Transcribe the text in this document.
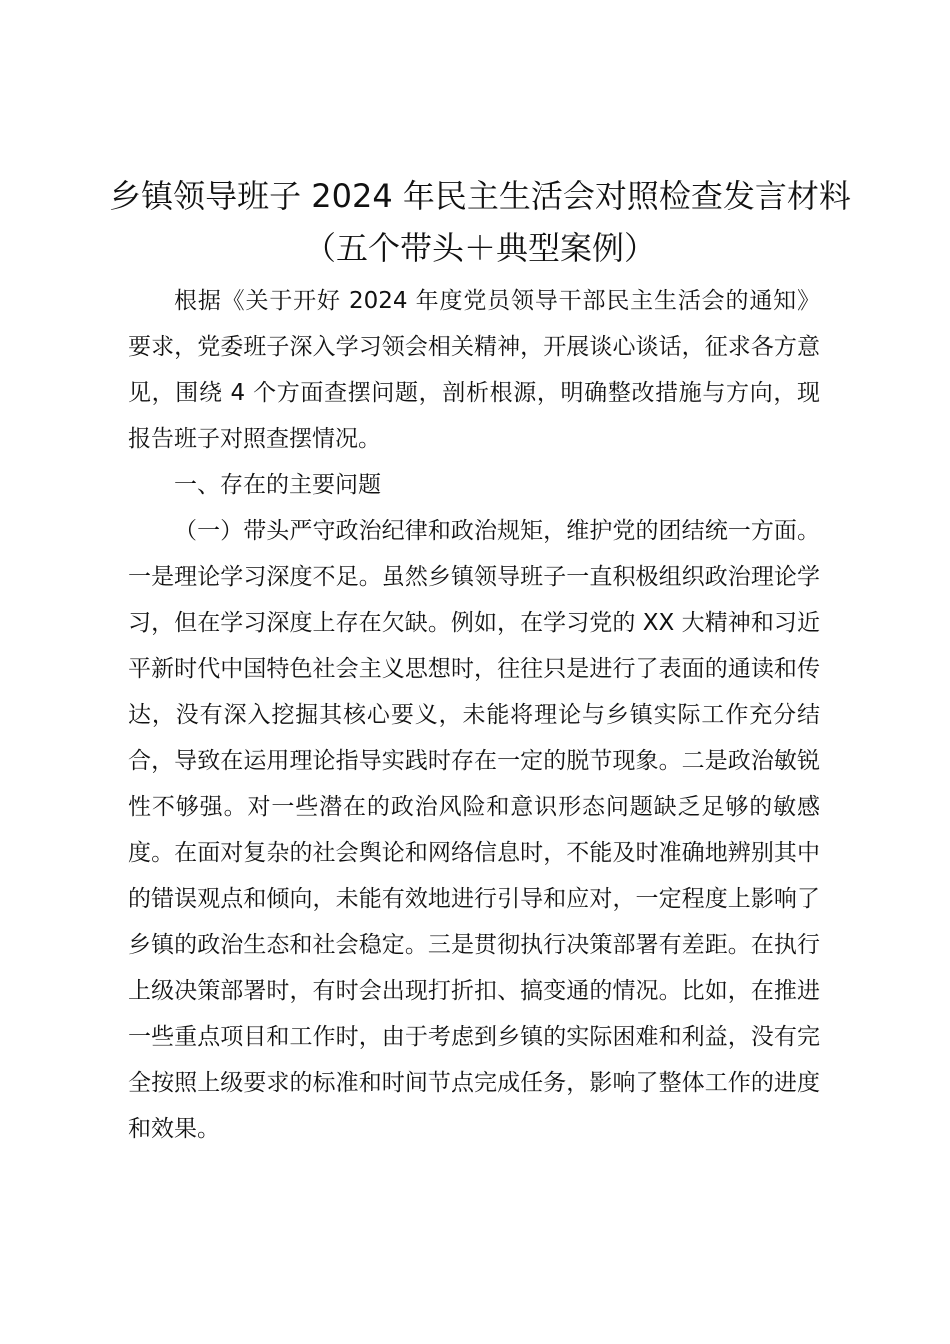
乡镇领导班子 2024 年民主生活会对照检查发言材料（五个带头＋典型案例）

根据《关于开好 2024 年度党员领导干部民主生活会的通知》要求，党委班子深入学习领会相关精神，开展谈心谈话，征求各方意见，围绕 4 个方面查摆问题，剖析根源，明确整改措施与方向，现报告班子对照查摆情况。

一、存在的主要问题

（一）带头严守政治纪律和政治规矩，维护党的团结统一方面。一是理论学习深度不足。虽然乡镇领导班子一直积极组织政治理论学习，但在学习深度上存在欠缺。例如，在学习党的 XX 大精神和习近平新时代中国特色社会主义思想时，往往只是进行了表面的通读和传达，没有深入挖掘其核心要义，未能将理论与乡镇实际工作充分结合，导致在运用理论指导实践时存在一定的脱节现象。二是政治敏锐性不够强。对一些潜在的政治风险和意识形态问题缺乏足够的敏感度。在面对复杂的社会舆论和网络信息时，不能及时准确地辨别其中的错误观点和倾向，未能有效地进行引导和应对，一定程度上影响了乡镇的政治生态和社会稳定。三是贯彻执行决策部署有差距。在执行上级决策部署时，有时会出现打折扣、搞变通的情况。比如，在推进一些重点项目和工作时，由于考虑到乡镇的实际困难和利益，没有完全按照上级要求的标准和时间节点完成任务，影响了整体工作的进度和效果。
